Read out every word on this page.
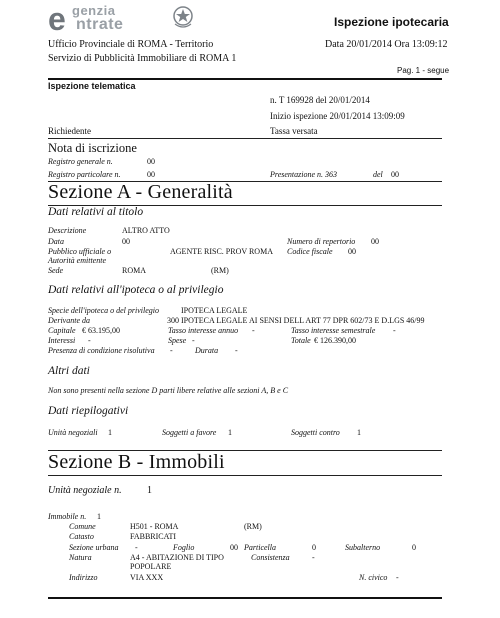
e genzia
ntrate	Ispezione ipotecaria
Ufficio Provinciale di ROMA - Territorio
Servizio di Pubblicità Immobiliare di ROMA 1
Data 20/01/2014 Ora 13:09:12
Pag. 1 - segue
Ispezione telematica
n. T 169928 del 20/01/2014
Inizio ispezione 20/01/2014 13:09:09
Richiedente	Tassa versata
Nota di iscrizione
Registro generale n.	00
Registro particolare n.	00	Presentazione n. 363	del 00
Sezione A - Generalità
Dati relativi al titolo
Descrizione	ALTRO ATTO
Data	00	Numero di repertorio 00
Pubblico ufficiale o	AGENTE RISC. PROV ROMA Codice fiscale 00
Autorità emittente
Sede	ROMA	(RM)
Dati relativi all'ipoteca o al privilegio
Specie dell'ipoteca o del privilegio	IPOTECA LEGALE
Derivante da	300 IPOTECA LEGALE AI SENSI DELL ART 77 DPR 602/73 E D.LGS 46/99
Capitale € 63.195,00	Tasso interesse annuo -	Tasso interesse semestrale -
Interessi -	Spese -	Totale € 126.390,00
Presenza di condizione risolutiva -	Durata -
Altri dati
Non sono presenti nella sezione D parti libere relative alle sezioni A, B e C
Dati riepilogativi
Unità negoziali 1	Soggetti a favore 1	Soggetti contro 1
Sezione B - Immobili
Unità negoziale n.	1
Immobile n. 1
Comune	H501 - ROMA	(RM)
Catasto	FABBRICATI
Sezione urbana -	Foglio	00 Particella	0	Subalterno	0
Natura	A4 - ABITAZIONE DI TIPO	Consistenza	-
POPOLARE
Indirizzo	VIA XXX	N. civico -
